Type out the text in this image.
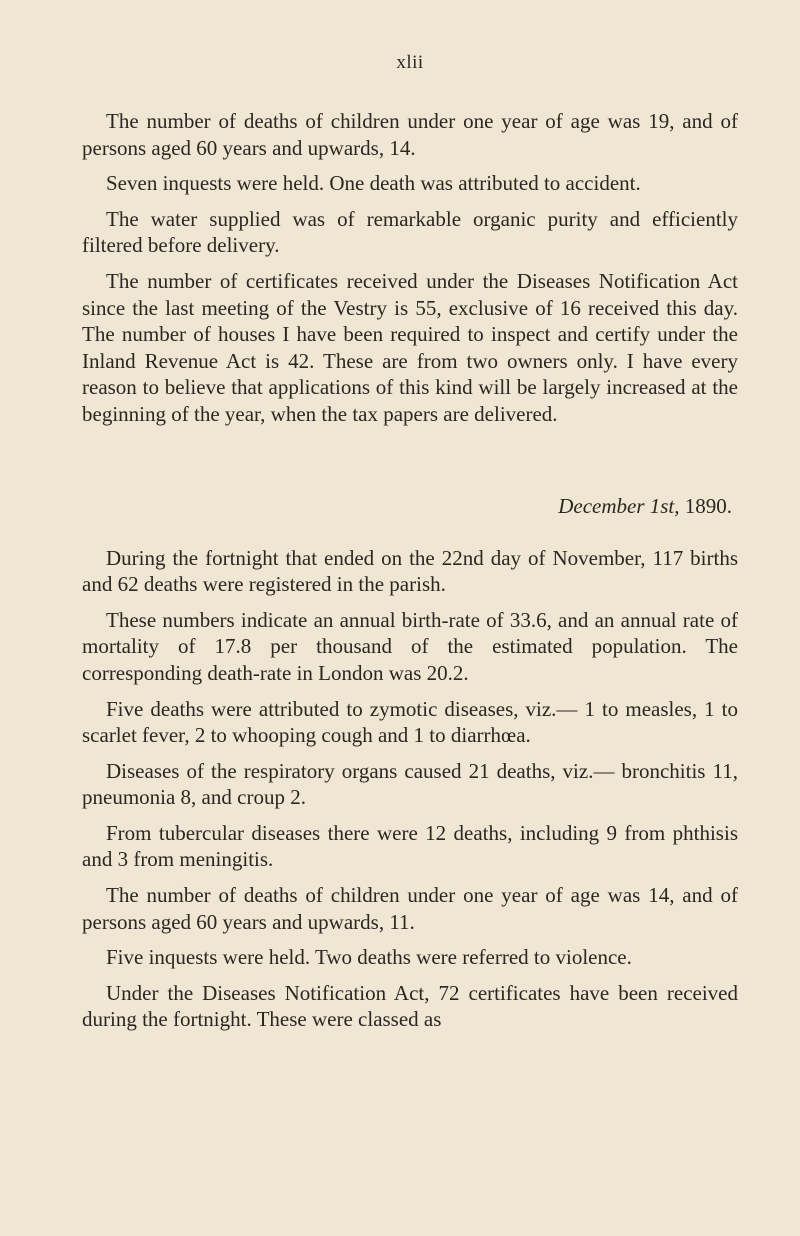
xlii

The number of deaths of children under one year of age was 19, and of persons aged 60 years and upwards, 14.

Seven inquests were held. One death was attributed to accident.

The water supplied was of remarkable organic purity and efficiently filtered before delivery.

The number of certificates received under the Diseases Notification Act since the last meeting of the Vestry is 55, exclusive of 16 received this day. The number of houses I have been required to inspect and certify under the Inland Revenue Act is 42. These are from two owners only. I have every reason to believe that applications of this kind will be largely increased at the beginning of the year, when the tax papers are delivered.

December 1st, 1890.

During the fortnight that ended on the 22nd day of November, 117 births and 62 deaths were registered in the parish.

These numbers indicate an annual birth-rate of 33.6, and an annual rate of mortality of 17.8 per thousand of the estimated population. The corresponding death-rate in London was 20.2.

Five deaths were attributed to zymotic diseases, viz.— 1 to measles, 1 to scarlet fever, 2 to whooping cough and 1 to diarrhœa.

Diseases of the respiratory organs caused 21 deaths, viz.— bronchitis 11, pneumonia 8, and croup 2.

From tubercular diseases there were 12 deaths, including 9 from phthisis and 3 from meningitis.

The number of deaths of children under one year of age was 14, and of persons aged 60 years and upwards, 11.

Five inquests were held. Two deaths were referred to violence.

Under the Diseases Notification Act, 72 certificates have been received during the fortnight. These were classed as
